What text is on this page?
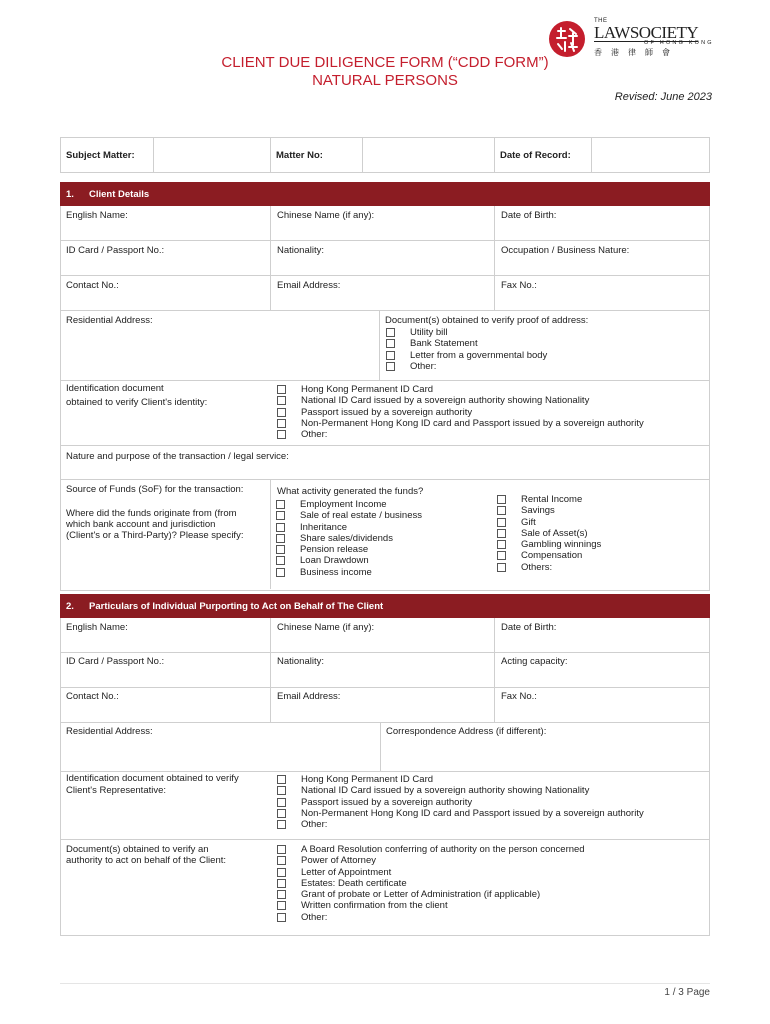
THE
LAWSOCIETY
OF HONG KONG
香港律師會
CLIENT DUE DILIGENCE FORM (“CDD FORM”)
NATURAL PERSONS
Revised: June 2023
Subject Matter:	Matter No:	Date of Record:
1. Client Details
English Name:	Chinese Name (if any):	Date of Birth:
ID Card / Passport No.:	Nationality:	Occupation / Business Nature:
Contact No.:	Email Address:	Fax No.:
Residential Address:	Document(s) obtained to verify proof of address:
Utility bill
Bank Statement
Letter from a governmental body
Other:
Identification document
obtained to verify Client's identity:
Hong Kong Permanent ID Card
National ID Card issued by a sovereign authority showing Nationality
Passport issued by a sovereign authority
Non-Permanent Hong Kong ID card and Passport issued by a sovereign authority
Other:
Nature and purpose of the transaction / legal service:
Source of Funds (SoF) for the transaction:
Where did the funds originate from (from
which bank account and jurisdiction
(Client's or a Third-Party)? Please specify:
What activity generated the funds?
Employment Income
Sale of real estate / business
Inheritance
Share sales/dividends
Pension release
Loan Drawdown
Business income
Rental Income
Savings
Gift
Sale of Asset(s)
Gambling winnings
Compensation
Others:
2. Particulars of Individual Purporting to Act on Behalf of The Client
English Name:	Chinese Name (if any):	Date of Birth:
ID Card / Passport No.:	Nationality:	Acting capacity:
Contact No.:	Email Address:	Fax No.:
Residential Address:	Correspondence Address (if different):
Identification document obtained to verify
Client's Representative:
Hong Kong Permanent ID Card
National ID Card issued by a sovereign authority showing Nationality
Passport issued by a sovereign authority
Non-Permanent Hong Kong ID card and Passport issued by a sovereign authority
Other:
Document(s) obtained to verify an
authority to act on behalf of the Client:
A Board Resolution conferring of authority on the person concerned
Power of Attorney
Letter of Appointment
Estates: Death certificate
Grant of probate or Letter of Administration (if applicable)
Written confirmation from the client
Other:
1 / 3 Page
